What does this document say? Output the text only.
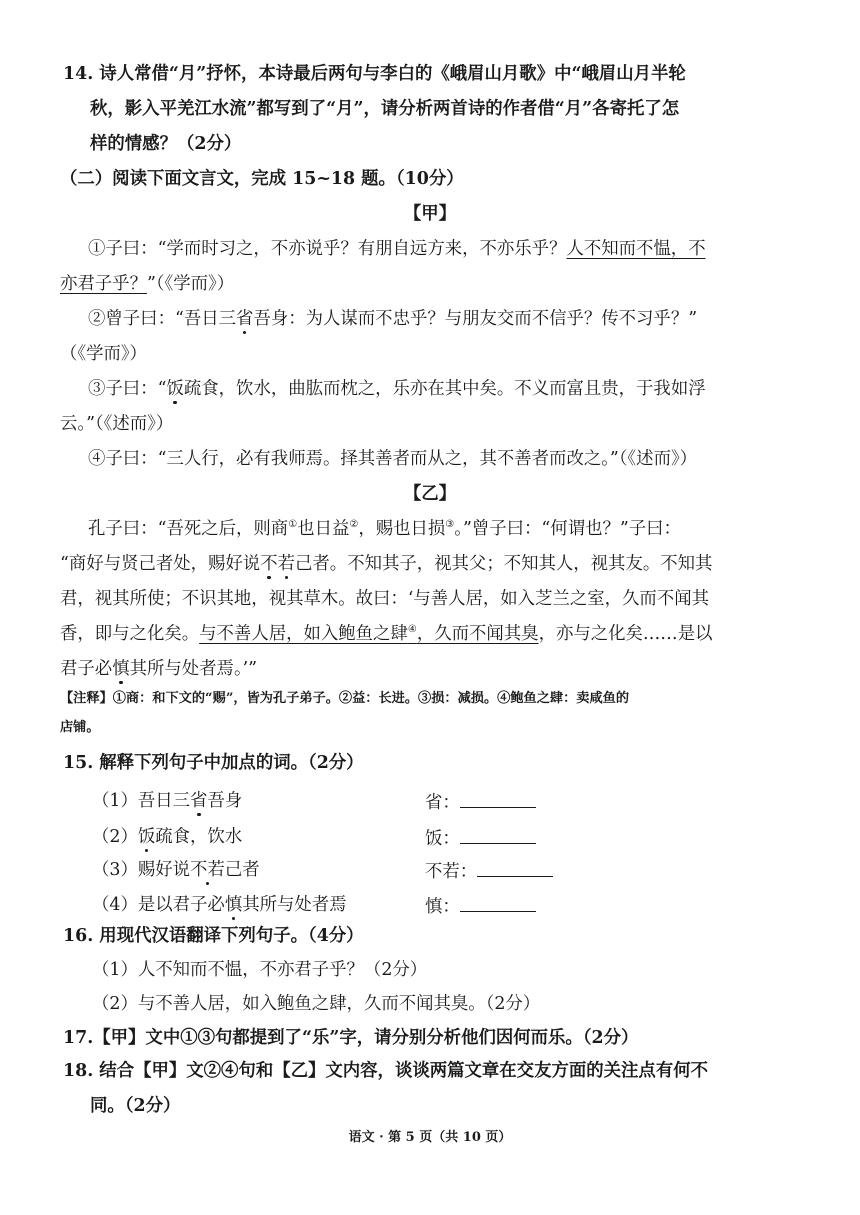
14. 诗人常借“月”抒怀，本诗最后两句与李白的《峨眉山月歌》中“峨眉山月半轮
秋，影入平羌江水流”都写到了“月”，请分析两首诗的作者借“月”各寄托了怎
样的情感？（2分）
（二）阅读下面文言文，完成 15~18 题。（10分）
【甲】
①子曰：“学而时习之，不亦说乎？有朋自远方来，不亦乐乎？人不知而不愠，不
亦君子乎？”（《学而》）
②曾子曰：“吾日三省吾身：为人谋而不忠乎？与朋友交而不信乎？传不习乎？”
（《学而》）
③子曰：“饭疏食，饮水，曲肱而枕之，乐亦在其中矣。不义而富且贵，于我如浮
云。”（《述而》）
④子曰：“三人行，必有我师焉。择其善者而从之，其不善者而改之。”（《述而》）
【乙】
孔子曰：“吾死之后，则商①也日益②，赐也日损③。”曾子曰：“何谓也？”子曰：
“商好与贤己者处，赐好说不若己者。不知其子，视其父；不知其人，视其友。不知其
君，视其所使；不识其地，视其草木。故曰：‘与善人居，如入芝兰之室，久而不闻其
香，即与之化矣。与不善人居，如入鲍鱼之肆④，久而不闻其臭，亦与之化矣……是以
君子必慎其所与处者焉。’”
【注释】①商：和下文的“赐”，皆为孔子弟子。②益：长进。③损：减损。④鲍鱼之肆：卖咸鱼的
店铺。
15. 解释下列句子中加点的词。（2分）
（1）吾日三省吾身	省：
（2）饭疏食，饮水	饭：
（3）赐好说不若己者	不若：
（4）是以君子必慎其所与处者焉	慎：
16. 用现代汉语翻译下列句子。（4分）
（1）人不知而不愠，不亦君子乎？（2分）
（2）与不善人居，如入鲍鱼之肆，久而不闻其臭。（2分）
17.【甲】文中①③句都提到了“乐”字，请分别分析他们因何而乐。（2分）
18. 结合【甲】文②④句和【乙】文内容，谈谈两篇文章在交友方面的关注点有何不
同。（2分）
语文 · 第 5 页（共 10 页）
